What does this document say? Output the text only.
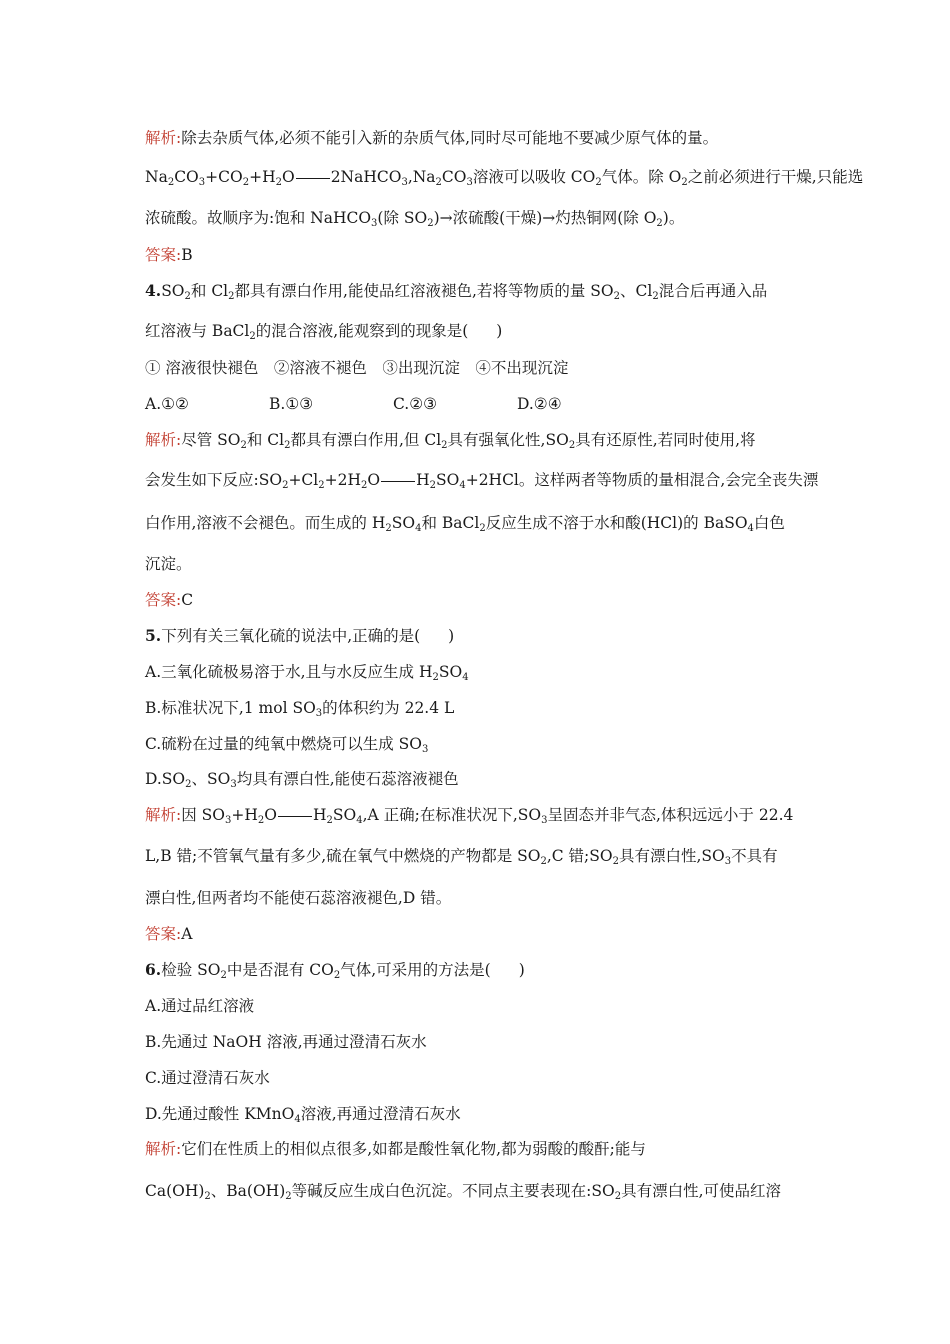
解析:除去杂质气体,必须不能引入新的杂质气体,同时尽可能地不要减少原气体的量。
$Na_2CO_3+CO_2+H_2O$ $2NaHCO_3,Na_2CO_3$溶液可以吸收 $CO_2$气体。除 $O_2$之前必须进行干燥,只能选
浓硫酸。故顺序为:饱和 NaHCO$_3$(除 $SO_2)\to$浓硫酸(干燥)→灼热铜网(除 $O_2$)。
答案:B
$4.SO_2$和 $Cl_2$都具有漂白作用,能使品红溶液褪色,若将等物质的量 $SO_2$、$Cl_2$混合后再通入品
红溶液与 BaCl$_2$的混合溶液,能观察到的现象是( )
① 溶液很快褪色　②溶液不褪色　③出现沉淀　④不出现沉淀
A.①②	B.①③	C.②③	D.②④
解析:尽管 $SO_2$和 $Cl_2$都具有漂白作用,但 $Cl_2$具有强氧化性$,SO_2$具有还原性,若同时使用,将
会发生如下反应$:SO_2+Cl_2+2H_2O$ $H_2SO_4+2HCl$。这样两者等物质的量相混合,会完全丧失漂
白作用,溶液不会褪色。而生成的 $H_2SO_4$和 BaCl$_2$反应生成不溶于水和酸(HCl)的 BaSO$_4$白色
沉淀。
答案:C
5.下列有关三氧化硫的说法中,正确的是( )
A.三氧化硫极易溶于水,且与水反应生成 $H_2SO_4$
B.标准状况下,1 mol $SO_3$的体积约为 22.4 L
C.硫粉在过量的纯氧中燃烧可以生成 $SO_3$
$D.SO_2$、$SO_3$均具有漂白性,能使石蕊溶液褪色
解析:因 $SO_3+H_2O$ $H_2SO_4,A$ 正确;在标准状况下$,SO_3$呈固态并非气态,体积远远小于 22.4
L,B 错;不管氧气量有多少,硫在氧气中燃烧的产物都是 $SO_2,C$ 错$;SO_2$具有漂白性$,SO_3$不具有
漂白性,但两者均不能使石蕊溶液褪色,D 错。
答案:A
6.检验 $SO_2$中是否混有 $CO_2$气体,可采用的方法是( )
A.通过品红溶液
B.先通过 NaOH 溶液,再通过澄清石灰水
C.通过澄清石灰水
D.先通过酸性 KMnO$_4$溶液,再通过澄清石灰水
解析:它们在性质上的相似点很多,如都是酸性氧化物,都为弱酸的酸酐;能与
$Ca(OH)_2$、$Ba(OH)_2$等碱反应生成白色沉淀。不同点主要表现在$:SO_2$具有漂白性,可使品红溶
